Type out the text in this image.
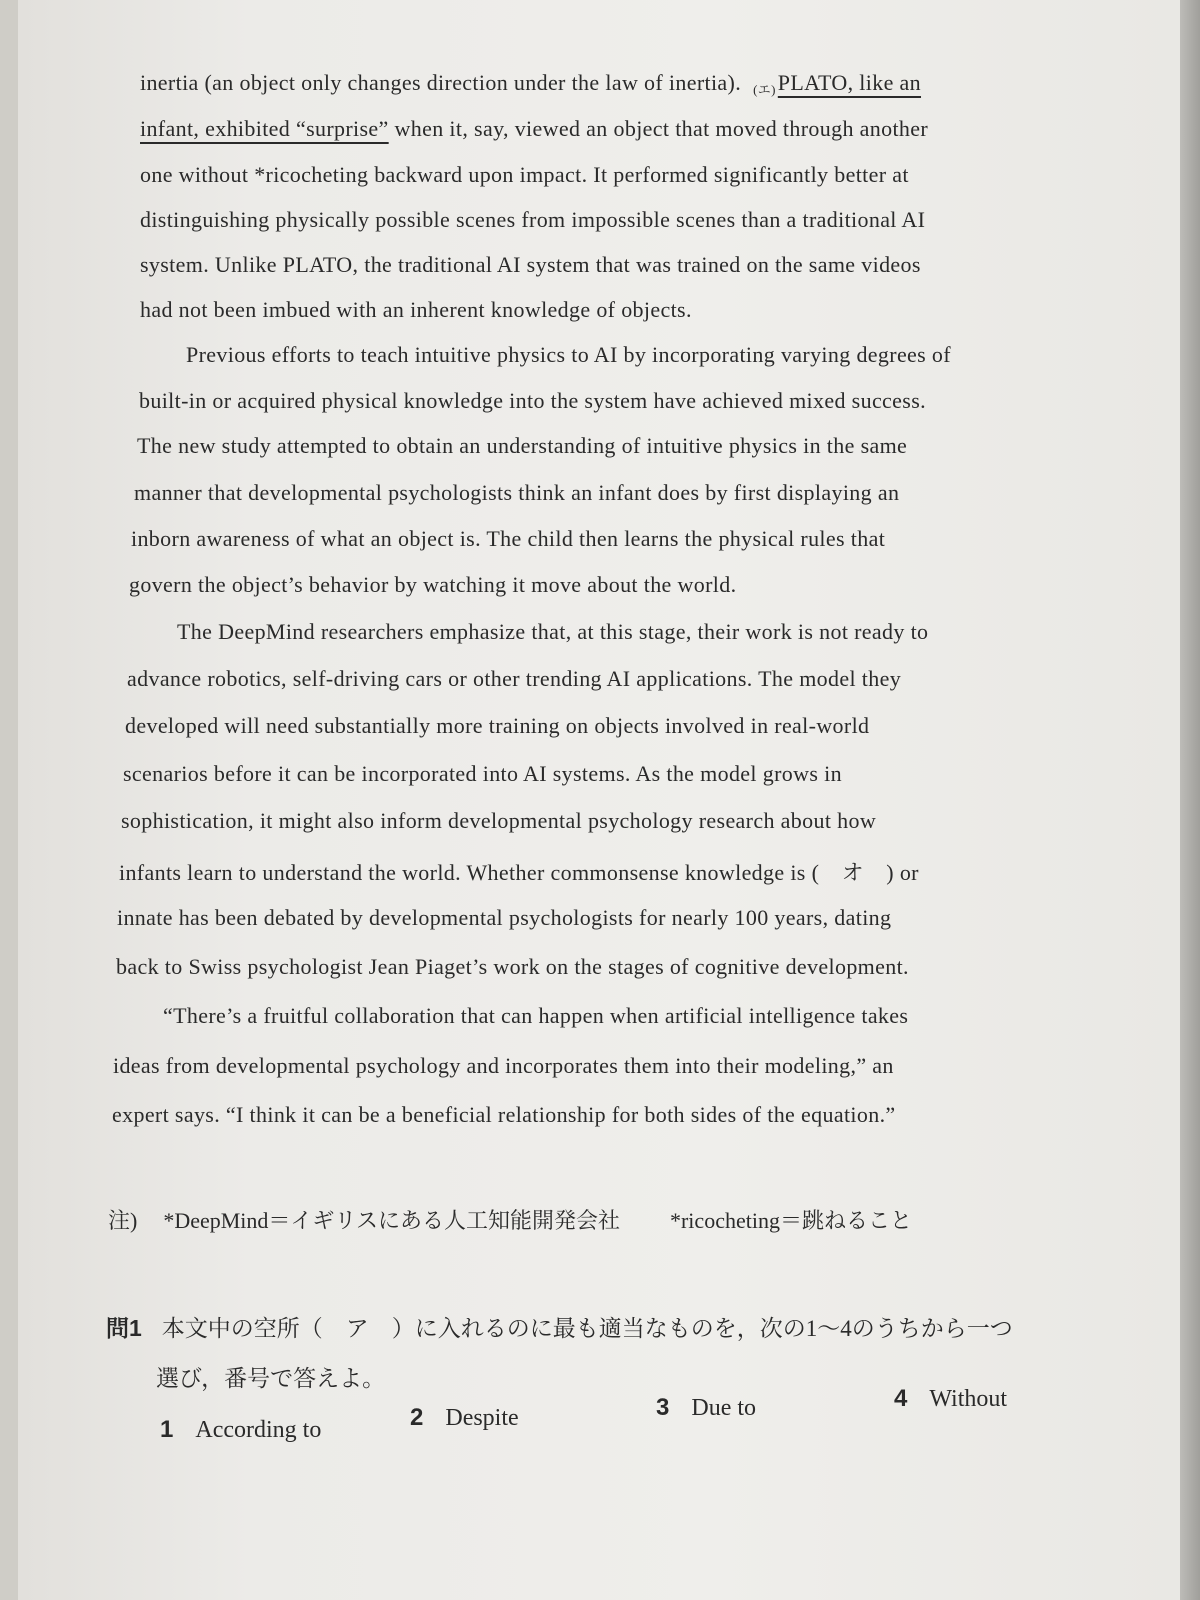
inertia (an object only changes direction under the law of inertia). (エ)PLATO, like an
infant, exhibited “surprise” when it, say, viewed an object that moved through another
one without *ricocheting backward upon impact. It performed significantly better at
distinguishing physically possible scenes from impossible scenes than a traditional AI
system. Unlike PLATO, the traditional AI system that was trained on the same videos
had not been imbued with an inherent knowledge of objects.
Previous efforts to teach intuitive physics to AI by incorporating varying degrees of
built-in or acquired physical knowledge into the system have achieved mixed success.
The new study attempted to obtain an understanding of intuitive physics in the same
manner that developmental psychologists think an infant does by first displaying an
inborn awareness of what an object is. The child then learns the physical rules that
govern the object’s behavior by watching it move about the world.
The DeepMind researchers emphasize that, at this stage, their work is not ready to
advance robotics, self-driving cars or other trending AI applications. The model they
developed will need substantially more training on objects involved in real-world
scenarios before it can be incorporated into AI systems. As the model grows in
sophistication, it might also inform developmental psychology research about how
infants learn to understand the world. Whether commonsense knowledge is (　オ　) or
innate has been debated by developmental psychologists for nearly 100 years, dating
back to Swiss psychologist Jean Piaget’s work on the stages of cognitive development.
“There’s a fruitful collaboration that can happen when artificial intelligence takes
ideas from developmental psychology and incorporates them into their modeling,” an
expert says. “I think it can be a beneficial relationship for both sides of the equation.”
注) *DeepMind＝イギリスにある人工知能開発会社 *ricocheting＝跳ねること
問1 本文中の空所（　ア　）に入れるのに最も適当なものを，次の1～4のうちから一つ
選び，番号で答えよ。
1 According to	2 Despite	3 Due to	4 Without
